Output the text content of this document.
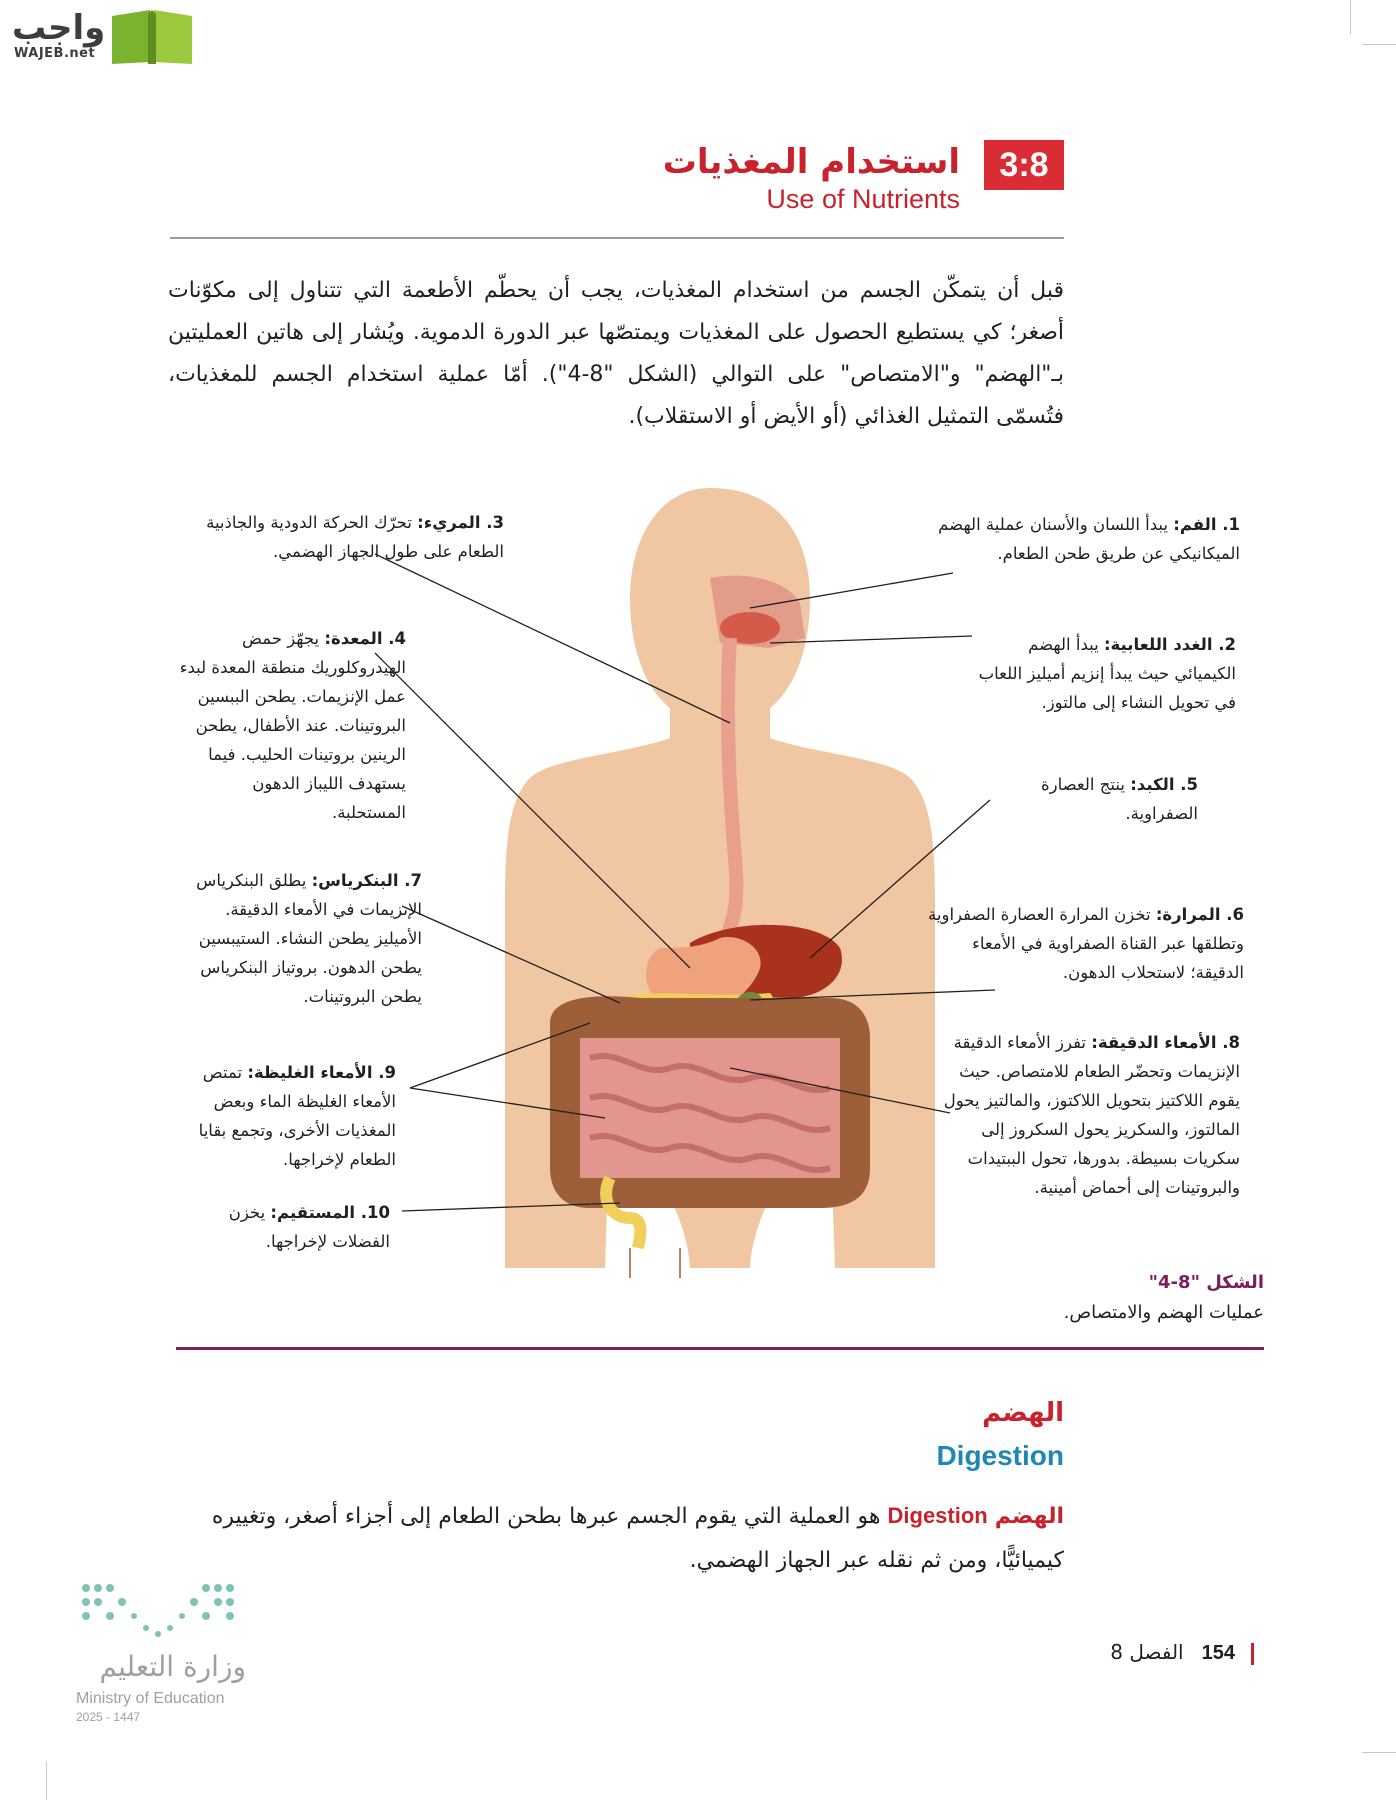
واجب
WAJEB.net
3:8
استخدام المغذيات
Use of Nutrients

قبل أن يتمكّن الجسم من استخدام المغذيات، يجب أن يحطّم الأطعمة التي تتناول إلى مكوّنات أصغر؛ كي يستطيع الحصول على المغذيات ويمتصّها عبر الدورة الدموية. ويُشار إلى هاتين العمليتين بـ"الهضم" و"الامتصاص" على التوالي (الشكل "8-4"). أمّا عملية استخدام الجسم للمغذيات، فتُسمّى التمثيل الغذائي (أو الأيض أو الاستقلاب).

3. المريء: تحرّك الحركة الدودية والجاذبية الطعام على طول الجهاز الهضمي.
4. المعدة: يجهّز حمض الهيدروكلوريك منطقة المعدة لبدء عمل الإنزيمات. يطحن الببسين البروتينات. عند الأطفال، يطحن الرينين بروتينات الحليب. فيما يستهدف الليباز الدهون المستحلبة.
7. البنكرياس: يطلق البنكرياس الإنزيمات في الأمعاء الدقيقة. الأميليز يطحن النشاء. الستيبسين يطحن الدهون. بروتياز البنكرياس يطحن البروتينات.
9. الأمعاء الغليظة: تمتص الأمعاء الغليظة الماء وبعض المغذيات الأخرى، وتجمع بقايا الطعام لإخراجها.
10. المستقيم: يخزن الفضلات لإخراجها.
1. الفم: يبدأ اللسان والأسنان عملية الهضم الميكانيكي عن طريق طحن الطعام.
2. الغدد اللعابية: يبدأ الهضم الكيميائي حيث يبدأ إنزيم أميليز اللعاب في تحويل النشاء إلى مالتوز.
5. الكبد: ينتج العصارة الصفراوية.
6. المرارة: تخزن المرارة العصارة الصفراوية وتطلقها عبر القناة الصفراوية في الأمعاء الدقيقة؛ لاستحلاب الدهون.
8. الأمعاء الدقيقة: تفرز الأمعاء الدقيقة الإنزيمات وتحضّر الطعام للامتصاص. حيث يقوم اللاكتيز بتحويل اللاكتوز، والمالتيز يحول المالتوز، والسكريز يحول السكروز إلى سكريات بسيطة. بدورها، تحول الببتيدات والبروتينات إلى أحماض أمينية.
الشكل "8-4"
عمليات الهضم والامتصاص.
الهضم
Digestion

الهضم Digestion هو العملية التي يقوم الجسم عبرها بطحن الطعام إلى أجزاء أصغر، وتغييره كيميائيًّا، ومن ثم نقله عبر الجهاز الهضمي.

وزارة التعليم
Ministry of Education
2025 - 1447
154الفصل 8
